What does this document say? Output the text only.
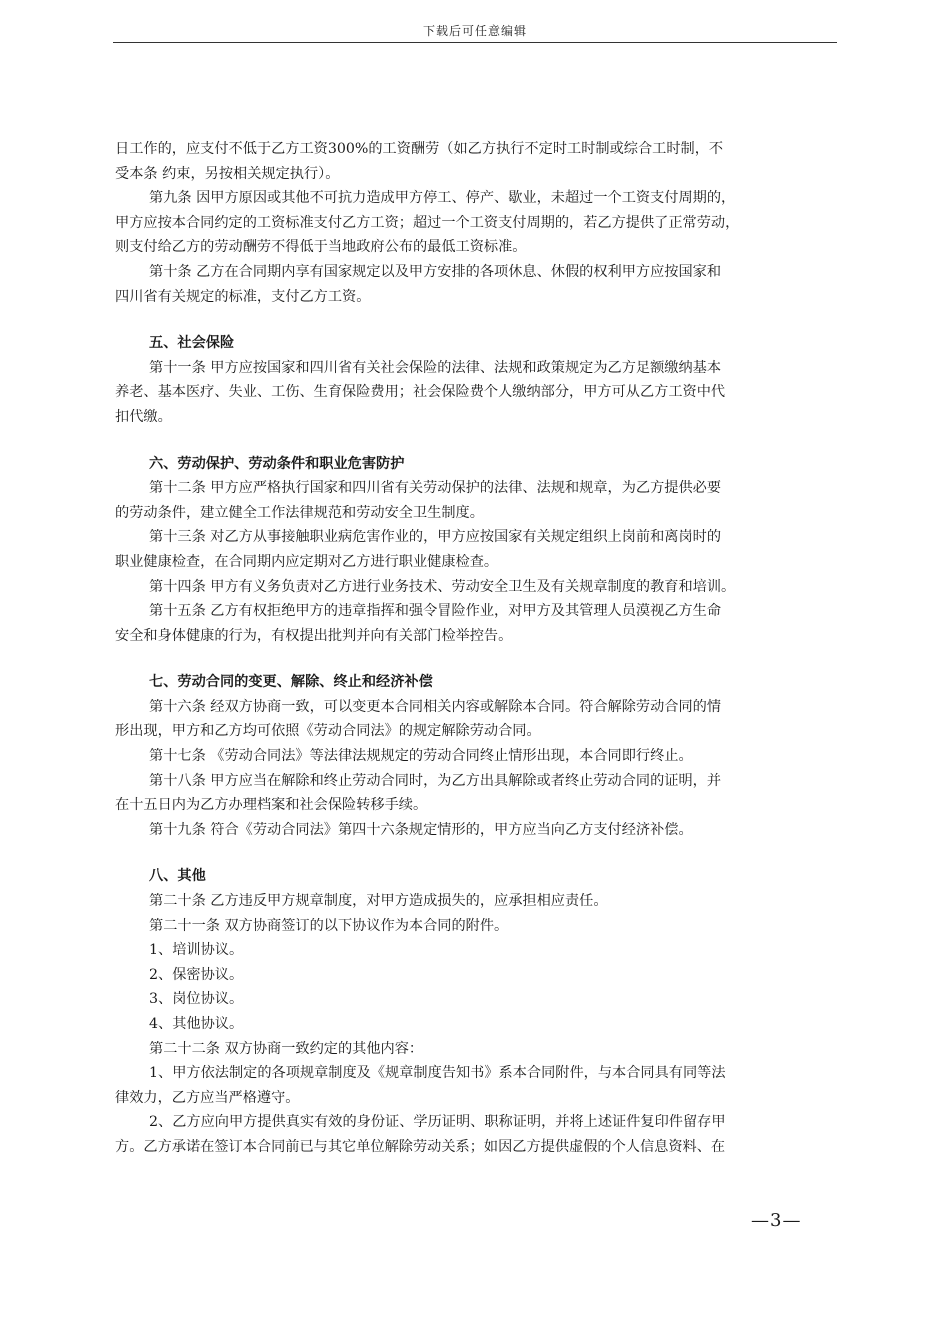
下载后可任意编辑
日工作的，应支付不低于乙方工资300%的工资酬劳（如乙方执行不定时工时制或综合工时制，不
受本条 约束，另按相关规定执行）。
第九条 因甲方原因或其他不可抗力造成甲方停工、停产、歇业，未超过一个工资支付周期的，
甲方应按本合同约定的工资标准支付乙方工资；超过一个工资支付周期的，若乙方提供了正常劳动，
则支付给乙方的劳动酬劳不得低于当地政府公布的最低工资标准。
第十条 乙方在合同期内享有国家规定以及甲方安排的各项休息、休假的权利甲方应按国家和
四川省有关规定的标准，支付乙方工资。
五、社会保险
第十一条 甲方应按国家和四川省有关社会保险的法律、法规和政策规定为乙方足额缴纳基本
养老、基本医疗、失业、工伤、生育保险费用；社会保险费个人缴纳部分，甲方可从乙方工资中代
扣代缴。
六、劳动保护、劳动条件和职业危害防护
第十二条 甲方应严格执行国家和四川省有关劳动保护的法律、法规和规章，为乙方提供必要
的劳动条件，建立健全工作法律规范和劳动安全卫生制度。
第十三条 对乙方从事接触职业病危害作业的，甲方应按国家有关规定组织上岗前和离岗时的
职业健康检查，在合同期内应定期对乙方进行职业健康检查。
第十四条 甲方有义务负责对乙方进行业务技术、劳动安全卫生及有关规章制度的教育和培训。
第十五条 乙方有权拒绝甲方的违章指挥和强令冒险作业，对甲方及其管理人员漠视乙方生命
安全和身体健康的行为，有权提出批判并向有关部门检举控告。
七、劳动合同的变更、解除、终止和经济补偿
第十六条 经双方协商一致，可以变更本合同相关内容或解除本合同。符合解除劳动合同的情
形出现，甲方和乙方均可依照《劳动合同法》的规定解除劳动合同。
第十七条 《劳动合同法》等法律法规规定的劳动合同终止情形出现，本合同即行终止。
第十八条 甲方应当在解除和终止劳动合同时，为乙方出具解除或者终止劳动合同的证明，并
在十五日内为乙方办理档案和社会保险转移手续。
第十九条 符合《劳动合同法》第四十六条规定情形的，甲方应当向乙方支付经济补偿。
八、其他
第二十条 乙方违反甲方规章制度，对甲方造成损失的，应承担相应责任。
第二十一条 双方协商签订的以下协议作为本合同的附件。
1、培训协议。
2、保密协议。
3、岗位协议。
4、其他协议。
第二十二条 双方协商一致约定的其他内容：
1、甲方依法制定的各项规章制度及《规章制度告知书》系本合同附件，与本合同具有同等法
律效力，乙方应当严格遵守。
2、乙方应向甲方提供真实有效的身份证、学历证明、职称证明，并将上述证件复印件留存甲
方。乙方承诺在签订本合同前已与其它单位解除劳动关系；如因乙方提供虚假的个人信息资料、在
—3—
